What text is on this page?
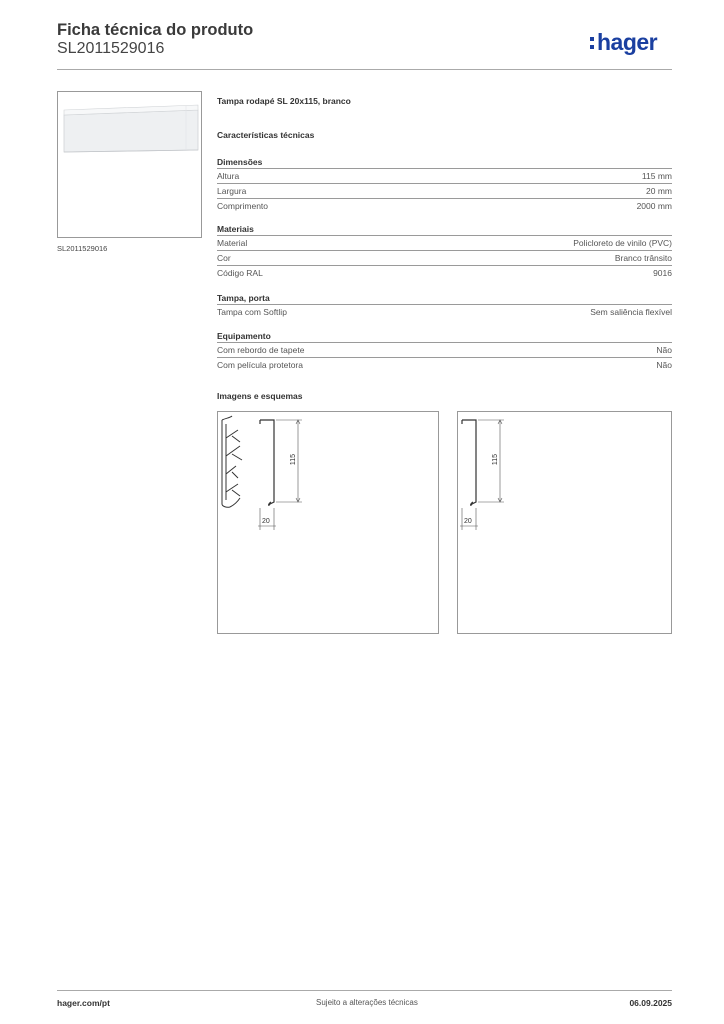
Ficha técnica do produto
SL2011529016	hager
SL2011529016
Tampa rodapé SL 20x115, branco
Características técnicas
Dimensões
Altura	115 mm
Largura	20 mm
Comprimento	2000 mm
Materiais
Material	Policloreto de vinilo (PVC)
Cor	Branco trânsito
Código RAL	9016
Tampa, porta
Tampa com Softlip	Sem saliência flexível
Equipamento
Com rebordo de tapete	Não
Com película protetora	Não
Imagens e esquemas
115
20
115
20
hager.com/pt	Sujeito a alterações técnicas	06.09.2025
